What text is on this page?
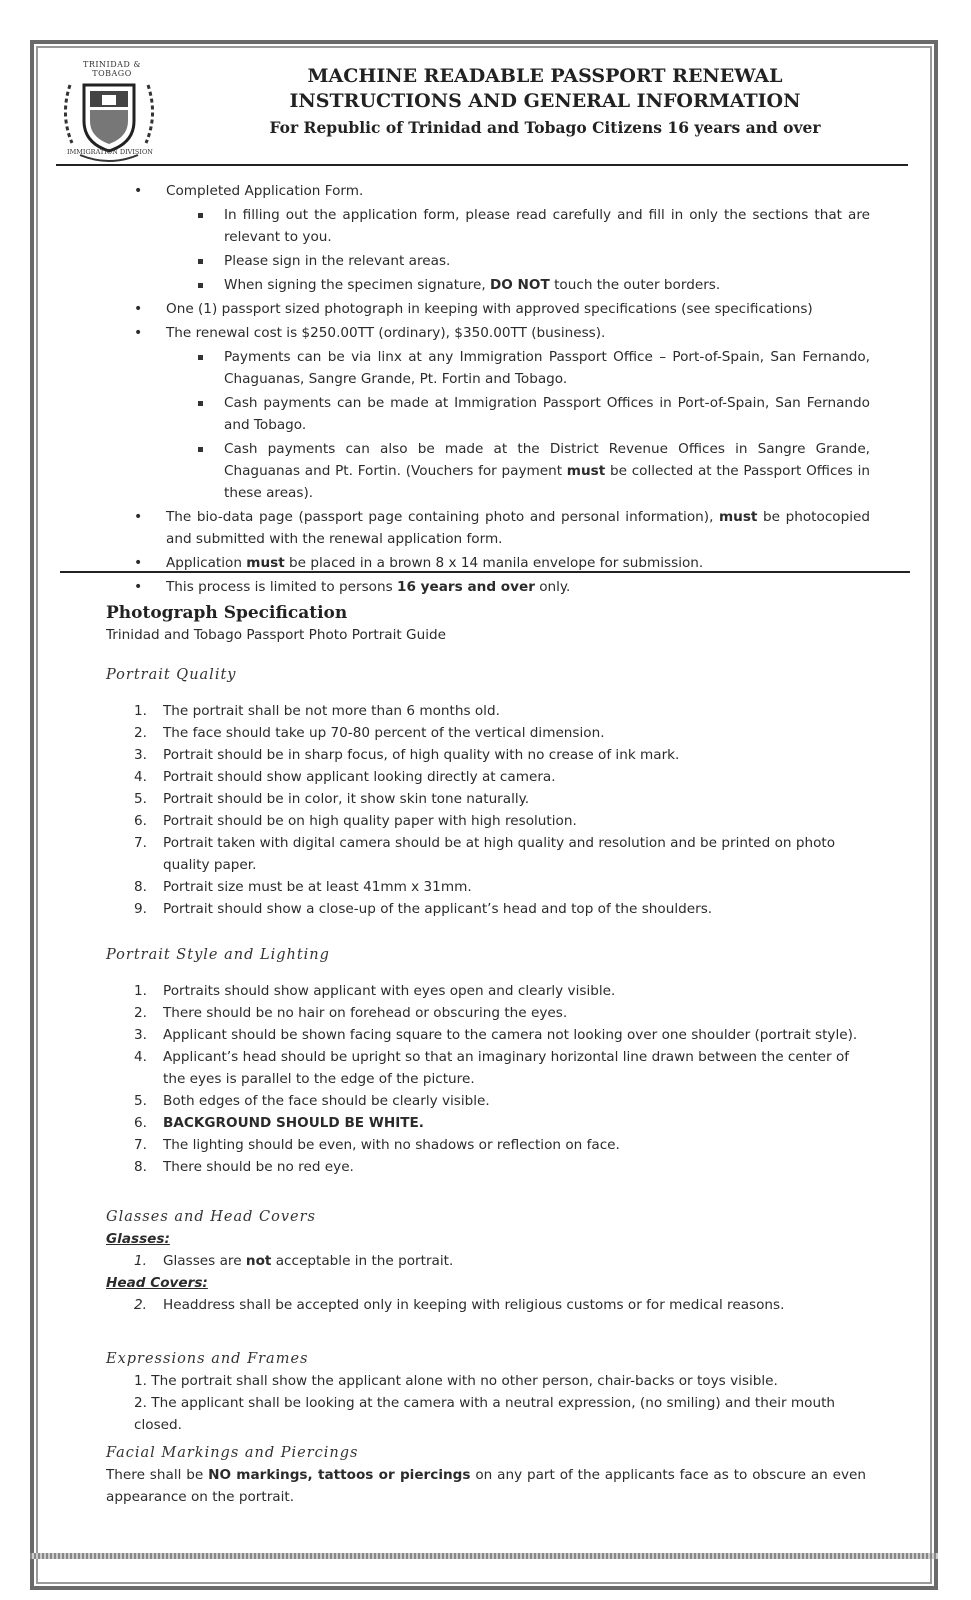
TRINIDAD & TOBAGO
IMMIGRATION DIVISION
MACHINE READABLE PASSPORT RENEWAL
INSTRUCTIONS AND GENERAL INFORMATION
For Republic of Trinidad and Tobago Citizens 16 years and over
• Completed Application Form.
In filling out the application form, please read carefully and fill in only the sections that are relevant to you.
Please sign in the relevant areas.
When signing the specimen signature, DO NOT touch the outer borders.
• One (1) passport sized photograph in keeping with approved specifications (see specifications)
• The renewal cost is $250.00TT (ordinary), $350.00TT (business).
Payments can be via linx at any Immigration Passport Office – Port-of-Spain, San Fernando, Chaguanas, Sangre Grande, Pt. Fortin and Tobago.
Cash payments can be made at Immigration Passport Offices in Port-of-Spain, San Fernando and Tobago.
Cash payments can also be made at the District Revenue Offices in Sangre Grande, Chaguanas and Pt. Fortin. (Vouchers for payment must be collected at the Passport Offices in these areas).
• The bio-data page (passport page containing photo and personal information), must be photocopied and submitted with the renewal application form.
• Application must be placed in a brown 8 x 14 manila envelope for submission.
• This process is limited to persons 16 years and over only.
Photograph Specification
Trinidad and Tobago Passport Photo Portrait Guide
Portrait Quality
1. The portrait shall be not more than 6 months old.
2. The face should take up 70-80 percent of the vertical dimension.
3. Portrait should be in sharp focus, of high quality with no crease of ink mark.
4. Portrait should show applicant looking directly at camera.
5. Portrait should be in color, it show skin tone naturally.
6. Portrait should be on high quality paper with high resolution.
7. Portrait taken with digital camera should be at high quality and resolution and be printed on photo quality paper.
8. Portrait size must be at least 41mm x 31mm.
9. Portrait should show a close-up of the applicant’s head and top of the shoulders.
Portrait Style and Lighting
1. Portraits should show applicant with eyes open and clearly visible.
2. There should be no hair on forehead or obscuring the eyes.
3. Applicant should be shown facing square to the camera not looking over one shoulder (portrait style).
4. Applicant’s head should be upright so that an imaginary horizontal line drawn between the center of the eyes is parallel to the edge of the picture.
5. Both edges of the face should be clearly visible.
6. BACKGROUND SHOULD BE WHITE.
7. The lighting should be even, with no shadows or reflection on face.
8. There should be no red eye.
Glasses and Head Covers
Glasses:
1. Glasses are not acceptable in the portrait.
Head Covers:
2. Headdress shall be accepted only in keeping with religious customs or for medical reasons.
Expressions and Frames
1. The portrait shall show the applicant alone with no other person, chair-backs or toys visible.
2. The applicant shall be looking at the camera with a neutral expression, (no smiling) and their mouth closed.
Facial Markings and Piercings
There shall be NO markings, tattoos or piercings on any part of the applicants face as to obscure an even appearance on the portrait.
